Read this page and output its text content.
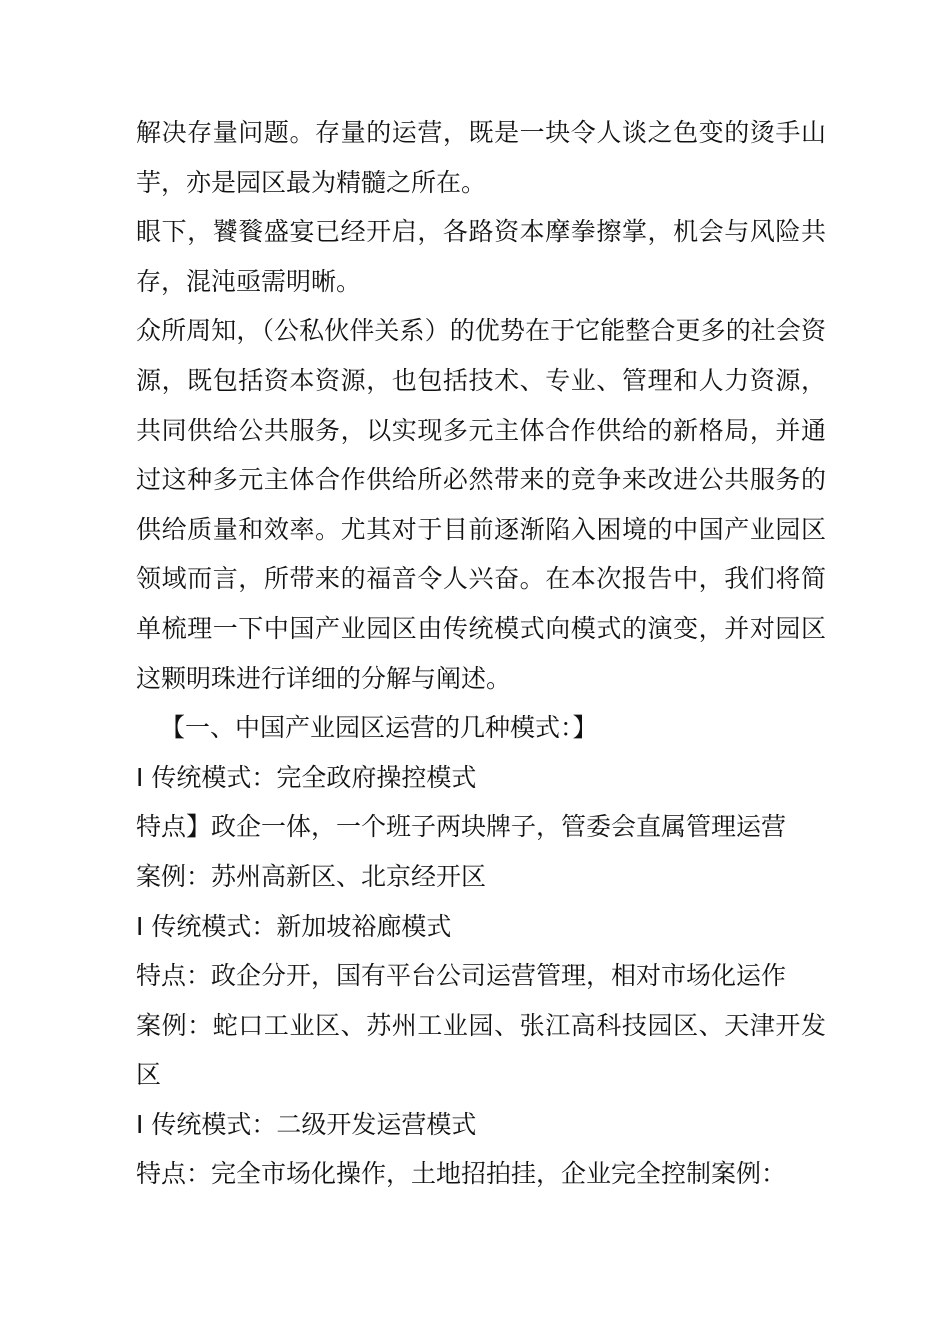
解决存量问题。存量的运营，既是一块令人谈之色变的烫手山芋，亦是园区最为精髓之所在。

眼下，饕餮盛宴已经开启，各路资本摩拳擦掌，机会与风险共存，混沌亟需明晰。

众所周知，（公私伙伴关系）的优势在于它能整合更多的社会资源，既包括资本资源，也包括技术、专业、管理和人力资源，共同供给公共服务，以实现多元主体合作供给的新格局，并通过这种多元主体合作供给所必然带来的竞争来改进公共服务的供给质量和效率。尤其对于目前逐渐陷入困境的中国产业园区领域而言，所带来的福音令人兴奋。在本次报告中，我们将简单梳理一下中国产业园区由传统模式向模式的演变，并对园区这颗明珠进行详细的分解与阐述。

【一、中国产业园区运营的几种模式：】

I 传统模式：完全政府操控模式

特点】政企一体，一个班子两块牌子，管委会直属管理运营

案例：苏州高新区、北京经开区

I 传统模式：新加坡裕廊模式

特点：政企分开，国有平台公司运营管理，相对市场化运作

案例：蛇口工业区、苏州工业园、张江高科技园区、天津开发区

I 传统模式：二级开发运营模式

特点：完全市场化操作，土地招拍挂，企业完全控制案例：
